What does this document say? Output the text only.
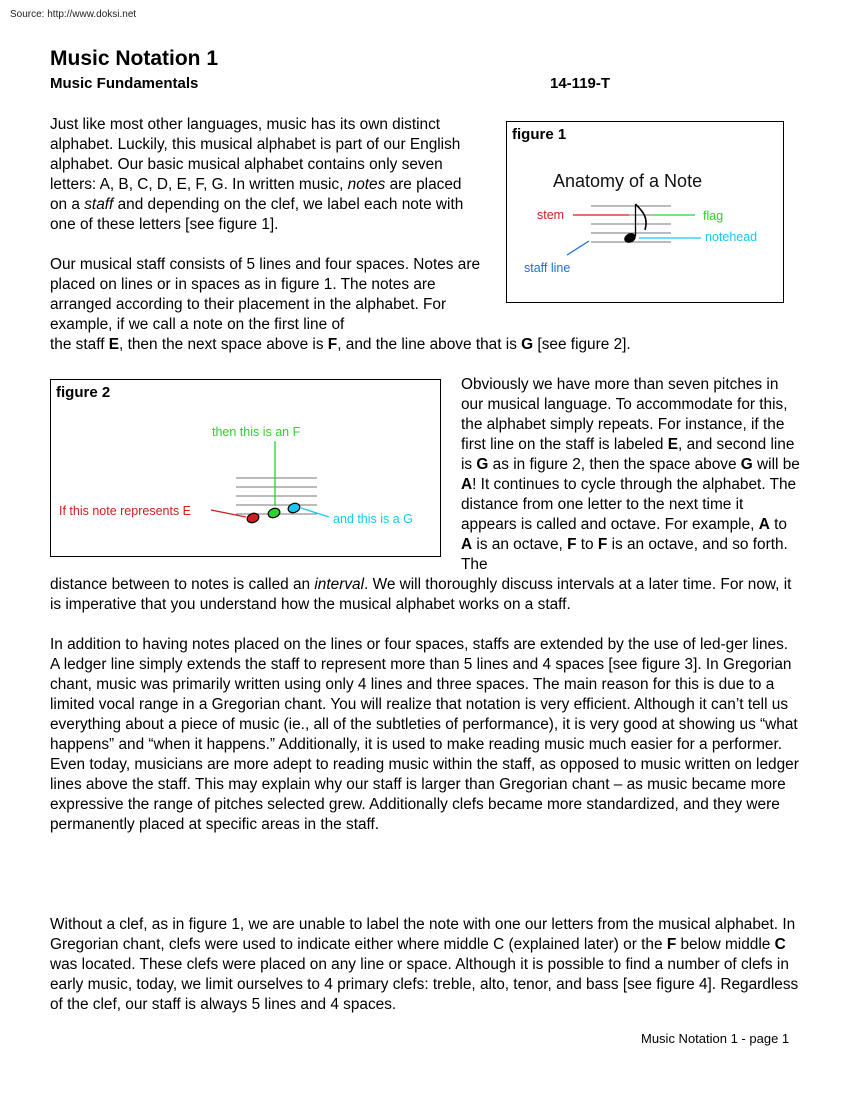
Source: http://www.doksi.net
Music Notation 1
Music Fundamentals	14-119-T

Just like most other languages, music has its own distinct alphabet. Luckily, this musical alphabet is part of our English alphabet. Our basic musical alphabet contains only seven letters: A, B, C, D, E, F, G. In written music, notes are placed on a staff and depending on the clef, we label each note with one of these letters [see figure 1].

figure 1
Anatomy of a Note
stem	flag
notehead
staff line

Our musical staff consists of 5 lines and four spaces. Notes are placed on lines or in spaces as in figure 1. The notes are arranged according to their placement in the alphabet. For example, if we call a note on the first line of

the staff E, then the next space above is F, and the line above that is G [see figure 2].

figure 2
then this is an F
If this note represents E
and this is a G

Obviously we have more than seven pitches in our musical language. To accommodate for this, the alphabet simply repeats. For instance, if the first line on the staff is labeled E, and second line is G as in figure 2, then the space above G will be A! It continues to cycle through the alphabet. The distance from one letter to the next time it appears is called and octave. For example, A to A is an octave, F to F is an octave, and so forth. The

distance between to notes is called an interval. We will thoroughly discuss intervals at a later time. For now, it is imperative that you understand how the musical alphabet works on a staff.

In addition to having notes placed on the lines or four spaces, staffs are extended by the use of led-ger lines. A ledger line simply extends the staff to represent more than 5 lines and 4 spaces [see figure 3]. In Gregorian chant, music was primarily written using only 4 lines and three spaces. The main reason for this is due to a limited vocal range in a Gregorian chant. You will realize that notation is very efficient. Although it can’t tell us everything about a piece of music (ie., all of the subtleties of performance), it is very good at showing us “what happens” and “when it happens.” Additionally, it is used to make reading music much easier for a performer. Even today, musicians are more adept to reading music within the staff, as opposed to music written on ledger lines above the staff. This may explain why our staff is larger than Gregorian chant – as music became more expressive the range of pitches selected grew. Additionally clefs became more standardized, and they were permanently placed at specific areas in the staff.

Without a clef, as in figure 1, we are unable to label the note with one our letters from the musical alphabet. In Gregorian chant, clefs were used to indicate either where middle C (explained later) or the F below middle C was located. These clefs were placed on any line or space. Although it is possible to find a number of clefs in early music, today, we limit ourselves to 4 primary clefs: treble, alto, tenor, and bass [see figure 4]. Regardless of the clef, our staff is always 5 lines and 4 spaces.

Music Notation 1 - page 1
